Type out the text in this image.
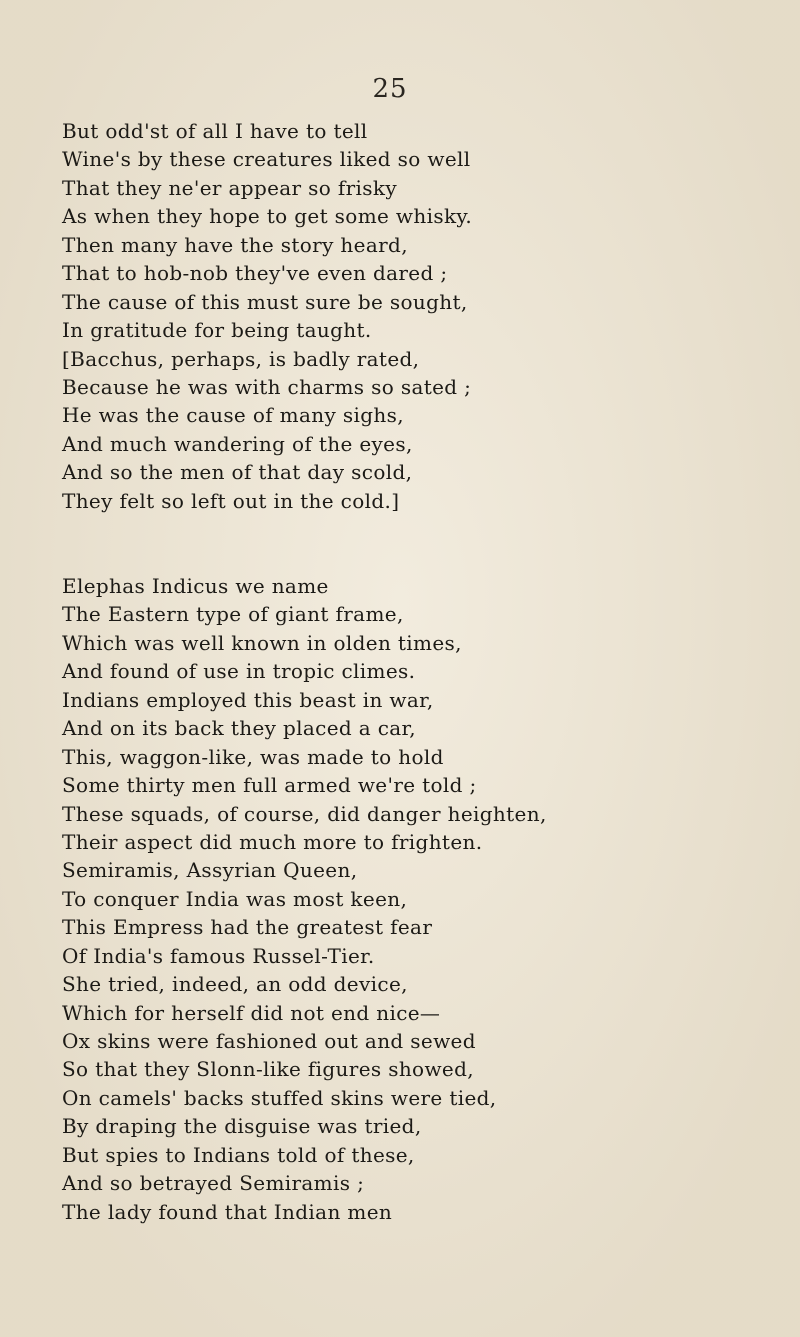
25
But odd'st of all I have to tell
Wine's by these creatures liked so well
That they ne'er appear so frisky
As when they hope to get some whisky.
Then many have the story heard,
That to hob-nob they've even dared ;
The cause of this must sure be sought,
In gratitude for being taught.
[Bacchus, perhaps, is badly rated,
Because he was with charms so sated ;
He was the cause of many sighs,
And much wandering of the eyes,
And so the men of that day scold,
They felt so left out in the cold.]
Elephas Indicus we name
The Eastern type of giant frame,
Which was well known in olden times,
And found of use in tropic climes.
Indians employed this beast in war,
And on its back they placed a car,
This, waggon-like, was made to hold
Some thirty men full armed we're told ;
These squads, of course, did danger heighten,
Their aspect did much more to frighten.
Semiramis, Assyrian Queen,
To conquer India was most keen,
This Empress had the greatest fear
Of India's famous Russel-Tier.
She tried, indeed, an odd device,
Which for herself did not end nice—
Ox skins were fashioned out and sewed
So that they Slonn-like figures showed,
On camels' backs stuffed skins were tied,
By draping the disguise was tried,
But spies to Indians told of these,
And so betrayed Semiramis ;
The lady found that Indian men
